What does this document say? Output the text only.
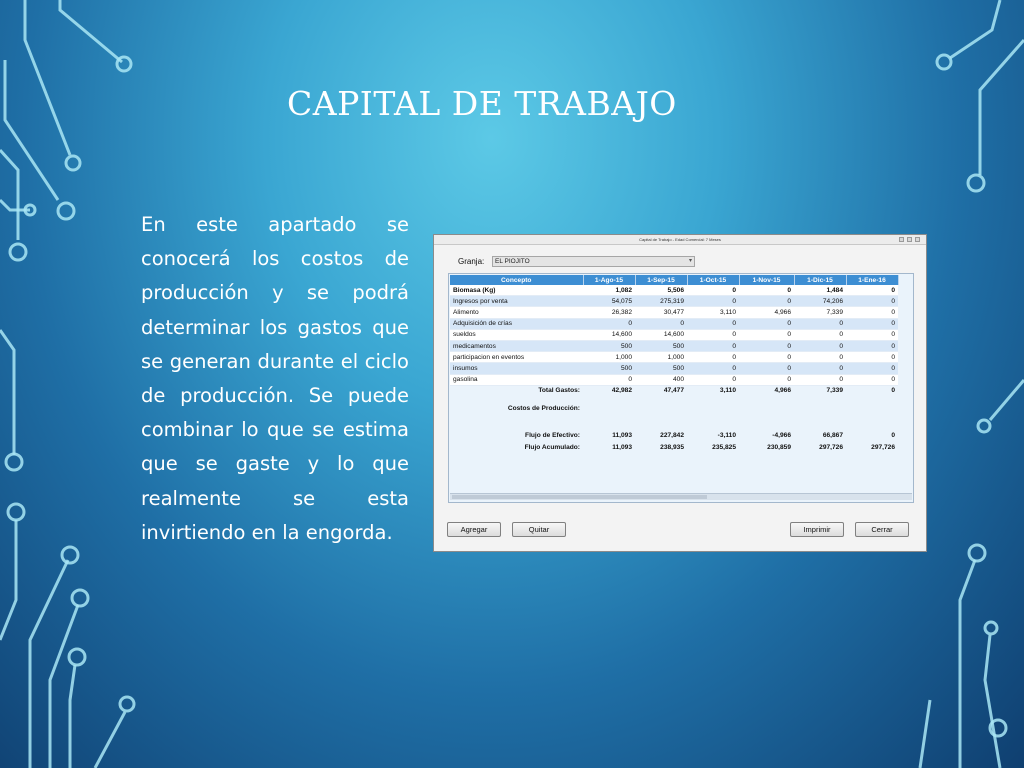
CAPITAL DE TRABAJO

En este apartado se conocerá los costos de producción y se podrá determinar los gastos que se generan durante el ciclo de producción. Se puede combinar lo que se estima que se gaste y lo que realmente se esta invirtiendo en la engorda.

Capital de Trabajo - Edad Comercial: 7 Meses
Granja:	EL PIOJITO	▾
Concepto	1-Ago-15	1-Sep-15	1-Oct-15	1-Nov-15	1-Dic-15	1-Ene-16
Biomasa (Kg)	1,082	5,506	0	0	1,484	0
Ingresos por venta	54,075	275,319	0	0	74,206	0
Alimento	26,382	30,477	3,110	4,966	7,339	0
Adquisición de crías	0	0	0	0	0	0
sueldos	14,600	14,600	0	0	0	0
medicamentos	500	500	0	0	0	0
participacion en eventos	1,000	1,000	0	0	0	0
insumos	500	500	0	0	0	0
gasolina	0	400	0	0	0	0
Total Gastos:	42,982	47,477	3,110	4,966	7,339	0

Costos de Producción:						

Flujo de Efectivo:	11,093	227,842	-3,110	-4,966	66,867	0

Flujo Acumulado:	11,093	238,935	235,825	230,859	297,726	297,726
Agregar	Quitar	Imprimir	Cerrar
